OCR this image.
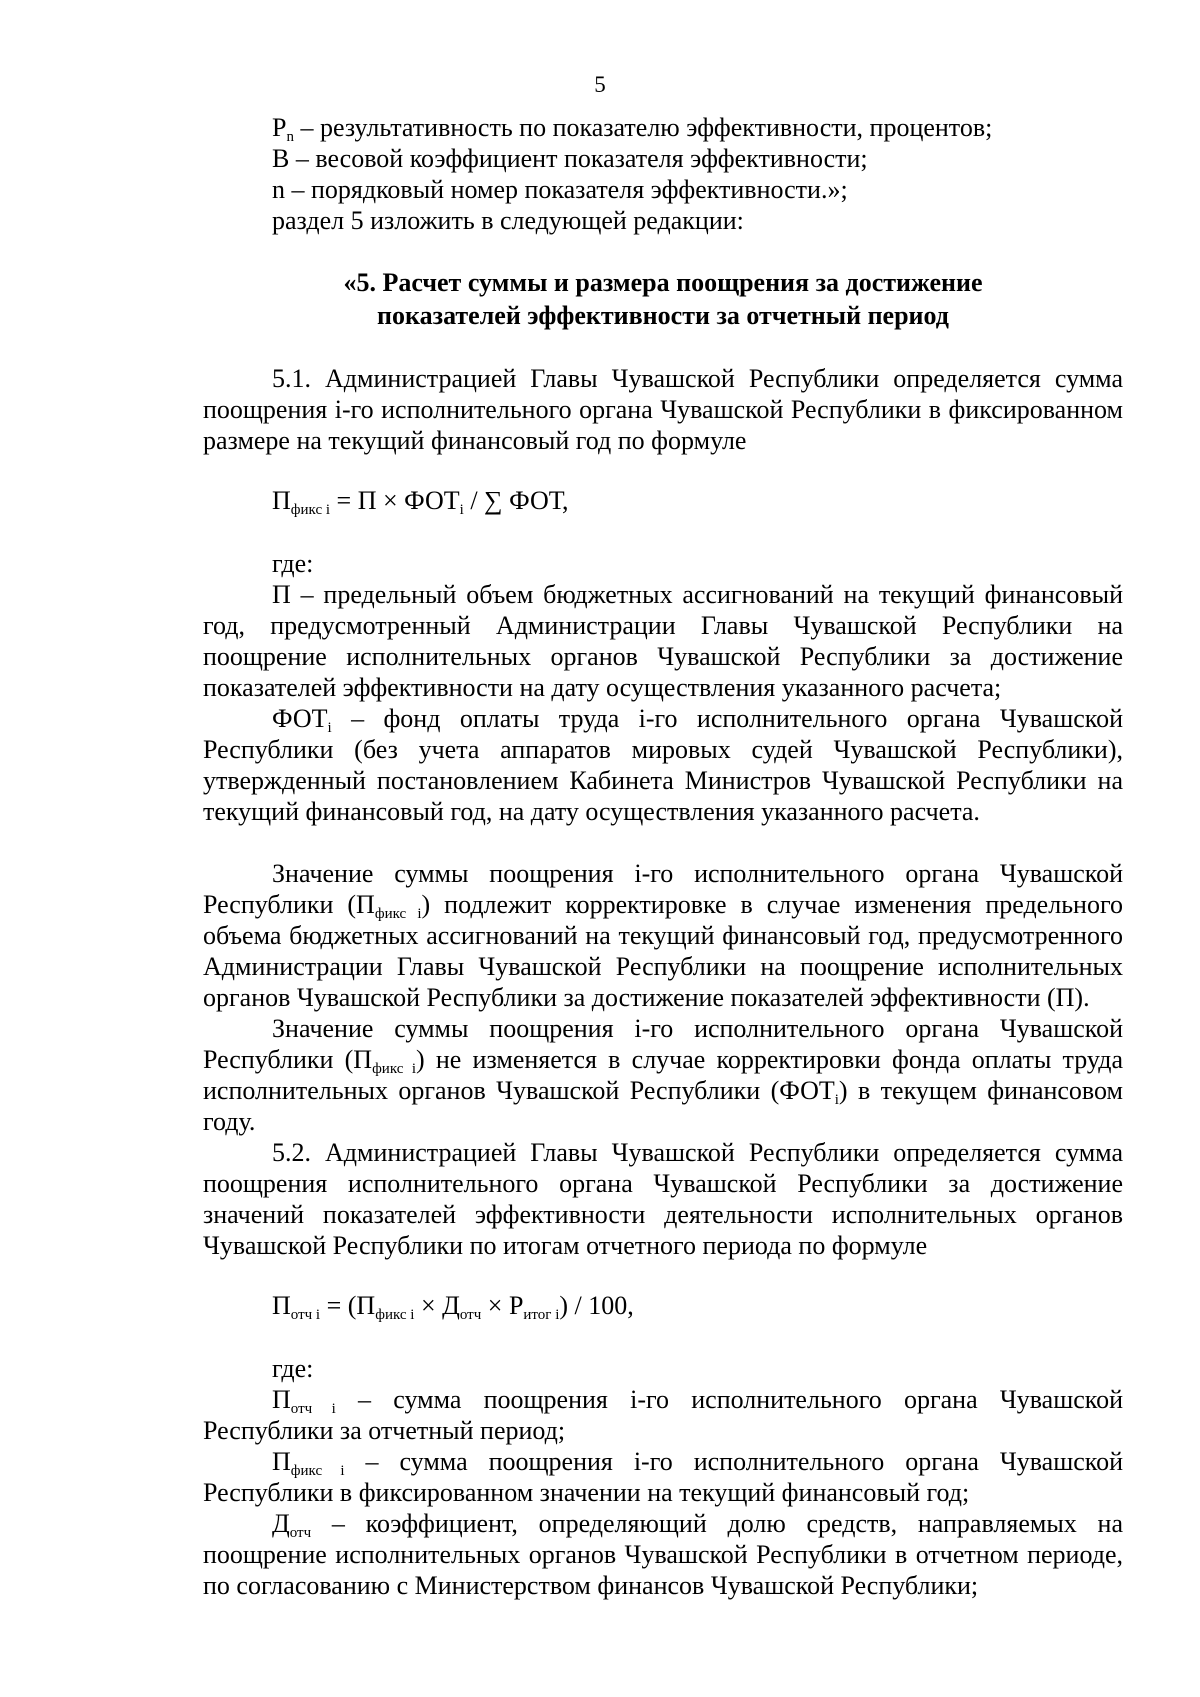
5

$P_n$ – результативность по показателю эффективности, процентов;

В – весовой коэффициент показателя эффективности;

n – порядковый номер показателя эффективности.»;

раздел 5 изложить в следующей редакции:

«5. Расчет суммы и размера поощрения за достижение
показателей эффективности за отчетный период

5.1. Администрацией Главы Чувашской Республики определяется сумма поощрения i-го исполнительного органа Чувашской Республики в фиксированном размере на текущий финансовый год по формуле

$П_{фикс i} = П \times ФОТ_i$ / ∑ ФОТ,

где:

П – предельный объем бюджетных ассигнований на текущий финансовый год, предусмотренный Администрации Главы Чувашской Республики на поощрение исполнительных органов Чувашской Республики за достижение показателей эффективности на дату осуществления указанного расчета;

$ФОТ_i$ – фонд оплаты труда i-го исполнительного органа Чувашской Республики (без учета аппаратов мировых судей Чувашской Республики), утвержденный постановлением Кабинета Министров Чувашской Республики на текущий финансовый год, на дату осуществления указанного расчета.

Значение суммы поощрения i-го исполнительного органа Чувашской Республики $(П_{фикс i})$ подлежит корректировке в случае изменения предельного объема бюджетных ассигнований на текущий финансовый год, предусмотренного Администрации Главы Чувашской Республики на поощрение исполнительных органов Чувашской Республики за достижение показателей эффективности (П).

Значение суммы поощрения i-го исполнительного органа Чувашской Республики $(П_{фикс i})$ не изменяется в случае корректировки фонда оплаты труда исполнительных органов Чувашской Республики $(ФОТ_i)$ в текущем финансовом году.

5.2. Администрацией Главы Чувашской Республики определяется сумма поощрения исполнительного органа Чувашской Республики за достижение значений показателей эффективности деятельности исполнительных органов Чувашской Республики по итогам отчетного периода по формуле

$П_{отч i} = (П_{фикс i} \times Д_{отч} \times Р_{итог i}) / 100$,

где:

$П_{отч i}$ – сумма поощрения i-го исполнительного органа Чувашской Республики за отчетный период;

$П_{фикс i}$ – сумма поощрения i-го исполнительного органа Чувашской Республики в фиксированном значении на текущий финансовый год;

$Д_{отч}$ – коэффициент, определяющий долю средств, направляемых на поощрение исполнительных органов Чувашской Республики в отчетном периоде, по согласованию с Министерством финансов Чувашской Республики;
